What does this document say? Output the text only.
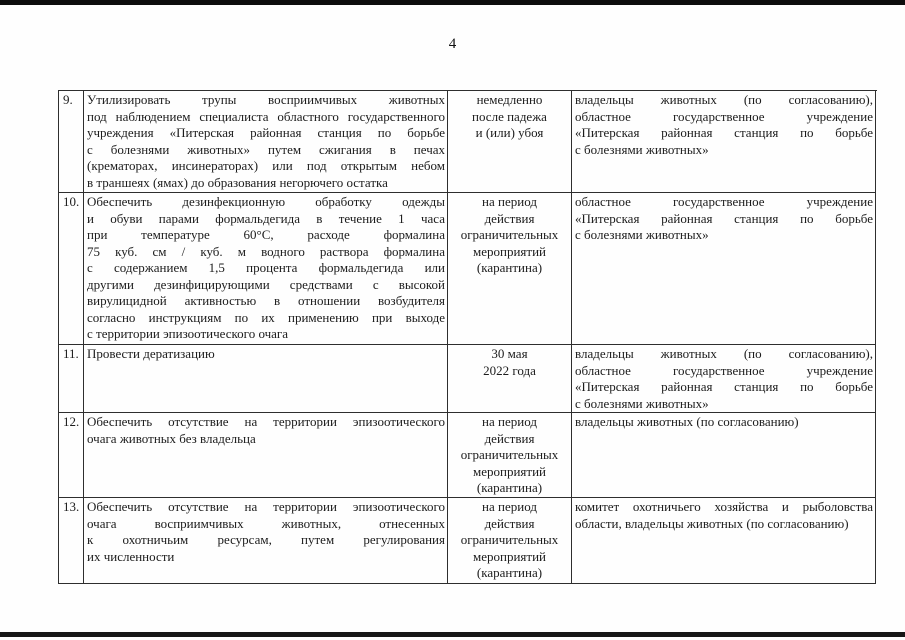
4
9.	Утилизировать трупы восприимчивых животных
под наблюдением специалиста областного государственного
учреждения «Питерская районная станция по борьбе
с болезнями животных» путем сжигания в печах
(крематорах, инсинераторах) или под открытым небом
в траншеях (ямах) до образования негорючего остатка
немедленно
после падежа
и (или) убоя
владельцы животных (по согласованию),
областное государственное учреждение
«Питерская районная станция по борьбе
с болезнями животных»
10. Обеспечить дезинфекционную обработку одежды
и обуви парами формальдегида в течение 1 часа
при температуре 60°С, расходе формалина
75 куб. см / куб. м водного раствора формалина
с содержанием 1,5 процента формальдегида или
другими дезинфицирующими средствами с высокой
вирулицидной активностью в отношении возбудителя
согласно инструкциям по их применению при выходе
с территории эпизоотического очага
на период
действия
ограничительных
мероприятий
(карантина)
областное государственное учреждение
«Питерская районная станция по борьбе
с болезнями животных»
11. Провести дератизацию	30 мая
2022 года
владельцы животных (по согласованию),
областное государственное учреждение
«Питерская районная станция по борьбе
с болезнями животных»
12. Обеспечить отсутствие на территории эпизоотического
очага животных без владельца
на период
действия
ограничительных
мероприятий
(карантина)
владельцы животных (по согласованию)
13. Обеспечить отсутствие на территории эпизоотического
очага восприимчивых животных, отнесенных
к охотничьим ресурсам, путем регулирования
их численности
на период
действия
ограничительных
мероприятий
(карантина)
комитет охотничьего хозяйства и рыболовства
области, владельцы животных (по согласованию)
